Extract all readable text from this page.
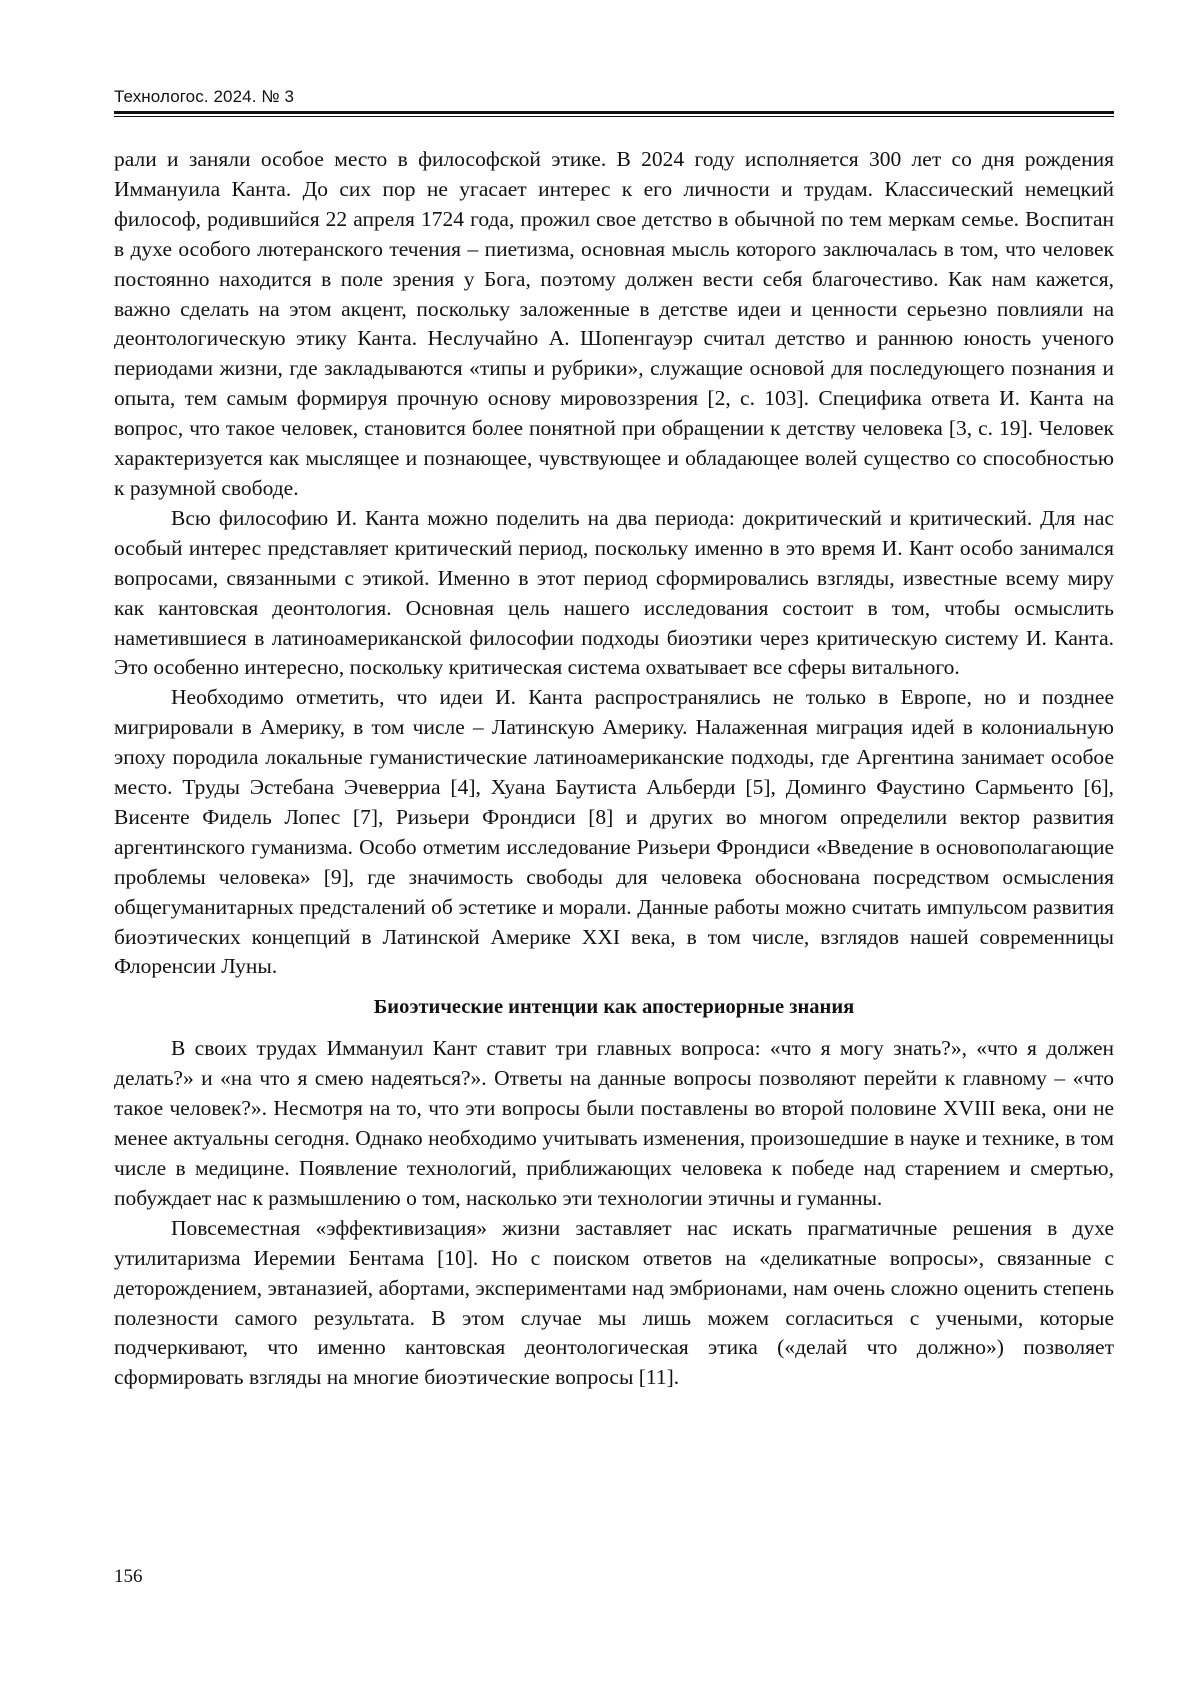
Технологос. 2024. № 3

рали и заняли особое место в философской этике. В 2024 году исполняется 300 лет со дня рождения Иммануила Канта. До сих пор не угасает интерес к его личности и трудам. Классический немецкий философ, родившийся 22 апреля 1724 года, прожил свое детство в обычной по тем меркам семье. Воспитан в духе особого лютеранского течения – пиетизма, основная мысль которого заключалась в том, что человек постоянно находится в поле зрения у Бога, поэтому должен вести себя благочестиво. Как нам кажется, важно сделать на этом акцент, поскольку заложенные в детстве идеи и ценности серьезно повлияли на деонтологическую этику Канта. Неслучайно А. Шопенгауэр считал детство и раннюю юность ученого периодами жизни, где закладываются «типы и рубрики», служащие основой для последующего познания и опыта, тем самым формируя прочную основу мировоззрения [2, с. 103]. Специфика ответа И. Канта на вопрос, что такое человек, становится более понятной при обращении к детству человека [3, с. 19]. Человек характеризуется как мыслящее и познающее, чувствующее и обладающее волей существо со способностью к разумной свободе.

Всю философию И. Канта можно поделить на два периода: докритический и критический. Для нас особый интерес представляет критический период, поскольку именно в это время И. Кант особо занимался вопросами, связанными с этикой. Именно в этот период сформировались взгляды, известные всему миру как кантовская деонтология. Основная цель нашего исследования состоит в том, чтобы осмыслить наметившиеся в латиноамериканской философии подходы биоэтики через критическую систему И. Канта. Это особенно интересно, поскольку критическая система охватывает все сферы витального.

Необходимо отметить, что идеи И. Канта распространялись не только в Европе, но и позднее мигрировали в Америку, в том числе – Латинскую Америку. Налаженная миграция идей в колониальную эпоху породила локальные гуманистические латиноамериканские подходы, где Аргентина занимает особое место. Труды Эстебана Эчеверриа [4], Хуана Баутиста Альберди [5], Доминго Фаустино Сармьенто [6], Висенте Фидель Лопес [7], Ризьери Фрондиси [8] и других во многом определили вектор развития аргентинского гуманизма. Особо отметим исследование Ризьери Фрондиси «Введение в основополагающие проблемы человека» [9], где значимость свободы для человека обоснована посредством осмысления общегуманитарных предсталений об эстетике и морали. Данные работы можно считать импульсом развития биоэтических концепций в Латинской Америке XXI века, в том числе, взглядов нашей современницы Флоренсии Луны.

Биоэтические интенции как апостериорные знания

В своих трудах Иммануил Кант ставит три главных вопроса: «что я могу знать?», «что я должен делать?» и «на что я смею надеяться?». Ответы на данные вопросы позволяют перейти к главному – «что такое человек?». Несмотря на то, что эти вопросы были поставлены во второй половине XVIII века, они не менее актуальны сегодня. Однако необходимо учитывать изменения, произошедшие в науке и технике, в том числе в медицине. Появление технологий, приближающих человека к победе над старением и смертью, побуждает нас к размышлению о том, насколько эти технологии этичны и гуманны.

Повсеместная «эффективизация» жизни заставляет нас искать прагматичные решения в духе утилитаризма Иеремии Бентама [10]. Но с поиском ответов на «деликатные вопросы», связанные с деторождением, эвтаназией, абортами, экспериментами над эмбрионами, нам очень сложно оценить степень полезности самого результата. В этом случае мы лишь можем согласиться с учеными, которые подчеркивают, что именно кантовская деонтологическая этика («делай что должно») позволяет сформировать взгляды на многие биоэтические вопросы [11].

156
